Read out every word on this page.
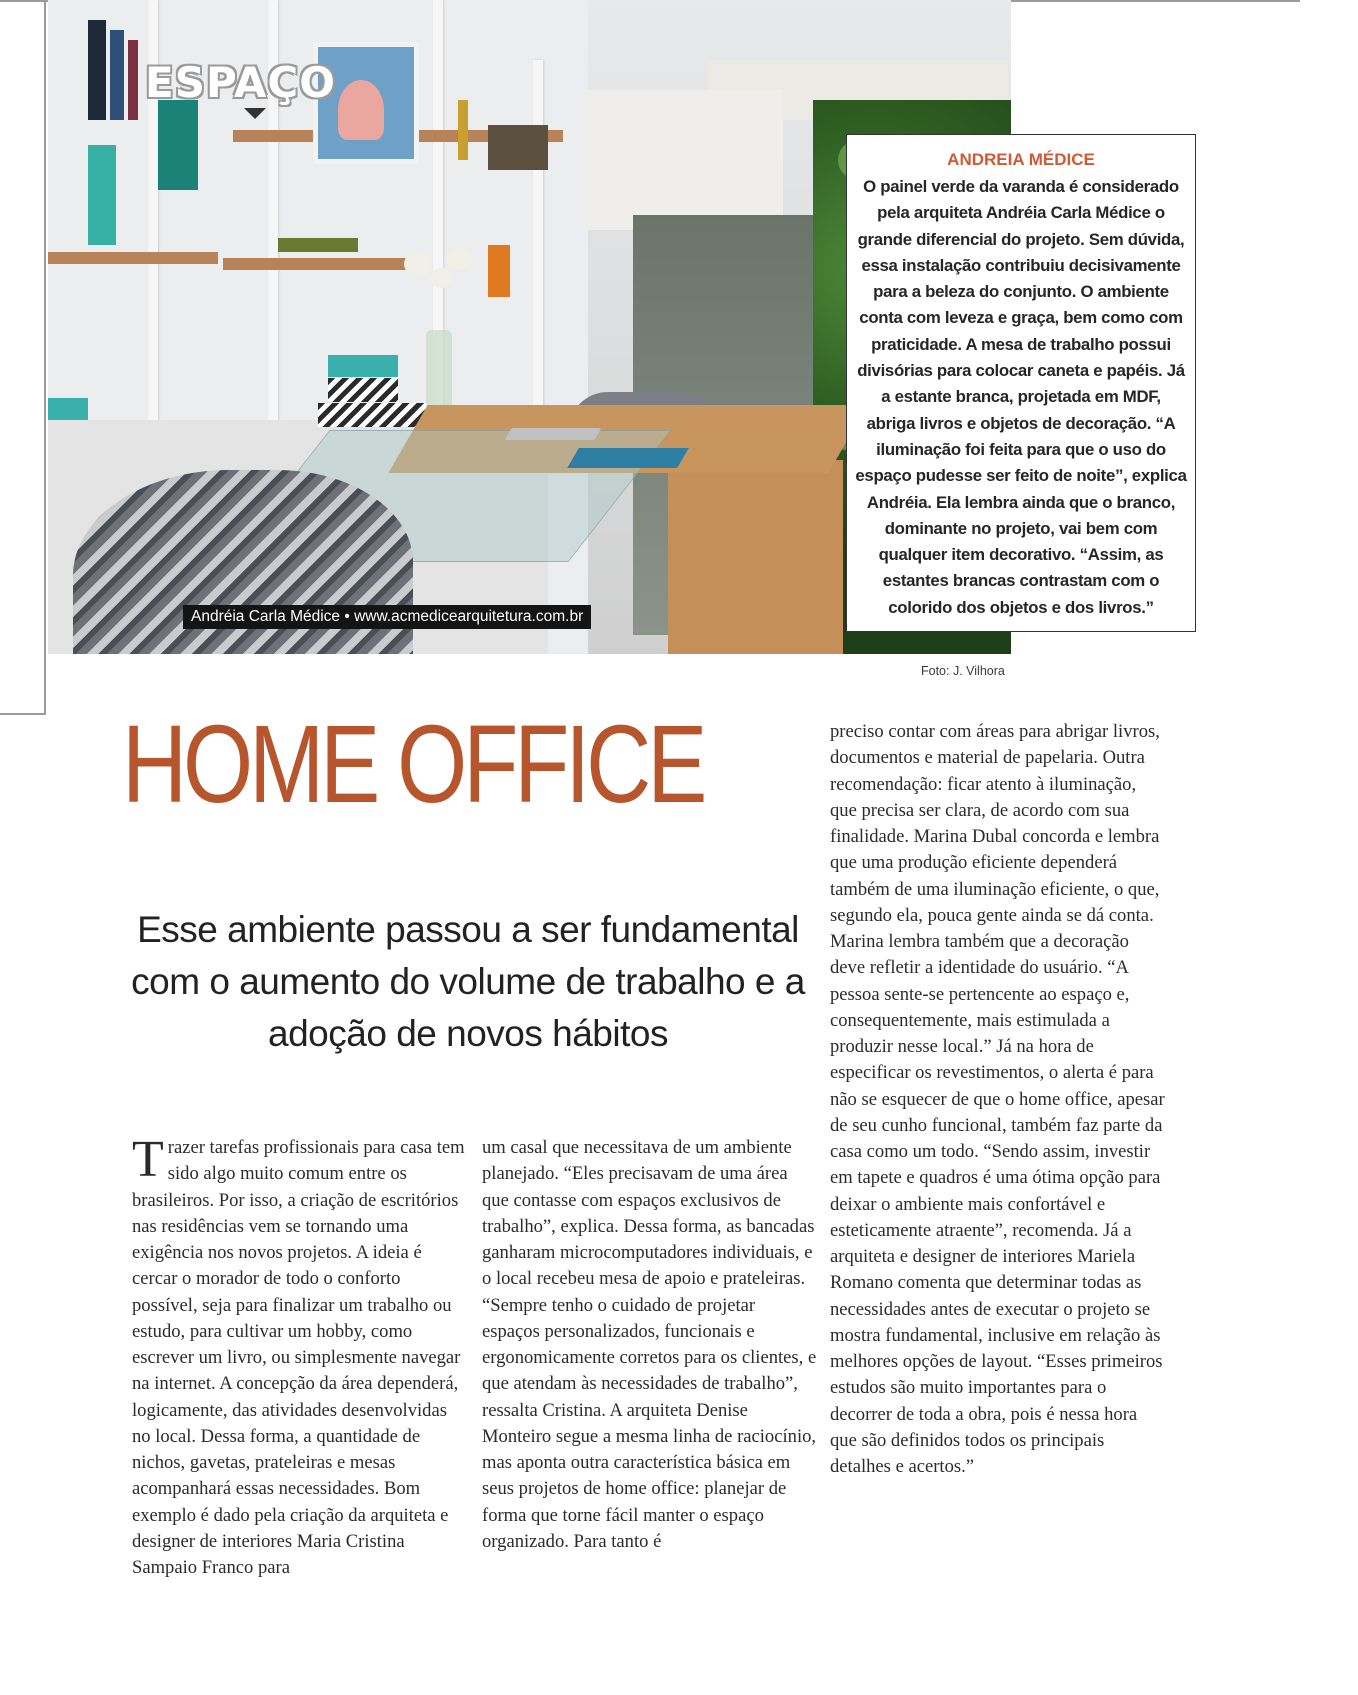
ESPAÇO
Andréia Carla Médice • www.acmedicearquitetura.com.br
ANDREIA MÉDICE
O painel verde da varanda é considerado pela arquiteta Andréia Carla Médice o grande diferencial do projeto. Sem dúvida, essa instalação contribuiu decisivamente para a beleza do conjunto. O ambiente conta com leveza e graça, bem como com praticidade. A mesa de trabalho possui divisórias para colocar caneta e papéis. Já a estante branca, projetada em MDF, abriga livros e objetos de decoração. “A iluminação foi feita para que o uso do espaço pudesse ser feito de noite”, explica Andréia. Ela lembra ainda que o branco, dominante no projeto, vai bem com qualquer item decorativo. “Assim, as estantes brancas contrastam com o colorido dos objetos e dos livros.”
Foto: J. Vilhora
HOME OFFICE
Esse ambiente passou a ser fundamental com o aumento do volume de trabalho e a adoção de novos hábitos
Trazer tarefas profissionais para casa tem sido algo muito comum entre os brasileiros. Por isso, a criação de escritórios nas residências vem se tornando uma exigência nos novos projetos. A ideia é cercar o morador de todo o conforto possível, seja para finalizar um trabalho ou estudo, para cultivar um hobby, como escrever um livro, ou simplesmente navegar na internet. A concepção da área dependerá, logicamente, das atividades desenvolvidas no local. Dessa forma, a quantidade de nichos, gavetas, prateleiras e mesas acompanhará essas necessidades. Bom exemplo é dado pela criação da arquiteta e designer de interiores Maria Cristina Sampaio Franco para

um casal que necessitava de um ambiente planejado. “Eles precisavam de uma área que contasse com espaços exclusivos de trabalho”, explica. Dessa forma, as bancadas ganharam microcomputadores individuais, e o local recebeu mesa de apoio e prateleiras. “Sempre tenho o cuidado de projetar espaços personalizados, funcionais e ergonomicamente corretos para os clientes, e que atendam às necessidades de trabalho”, ressalta Cristina. A arquiteta Denise Monteiro segue a mesma linha de raciocínio, mas aponta outra característica básica em seus projetos de home office: planejar de forma que torne fácil manter o espaço organizado. Para tanto é

preciso contar com áreas para abrigar livros, documentos e material de papelaria. Outra recomendação: ficar atento à iluminação, que precisa ser clara, de acordo com sua finalidade. Marina Dubal concorda e lembra que uma produção eficiente dependerá também de uma iluminação eficiente, o que, segundo ela, pouca gente ainda se dá conta. Marina lembra também que a decoração deve refletir a identidade do usuário. “A pessoa sente-se pertencente ao espaço e, consequentemente, mais estimulada a produzir nesse local.” Já na hora de especificar os revestimentos, o alerta é para não se esquecer de que o home office, apesar de seu cunho funcional, também faz parte da casa como um todo. “Sendo assim, investir em tapete e quadros é uma ótima opção para deixar o ambiente mais confortável e esteticamente atraente”, recomenda. Já a arquiteta e designer de interiores Mariela Romano comenta que determinar todas as necessidades antes de executar o projeto se mostra fundamental, inclusive em relação às melhores opções de layout. “Esses primeiros estudos são muito importantes para o decorrer de toda a obra, pois é nessa hora que são definidos todos os principais detalhes e acertos.”
